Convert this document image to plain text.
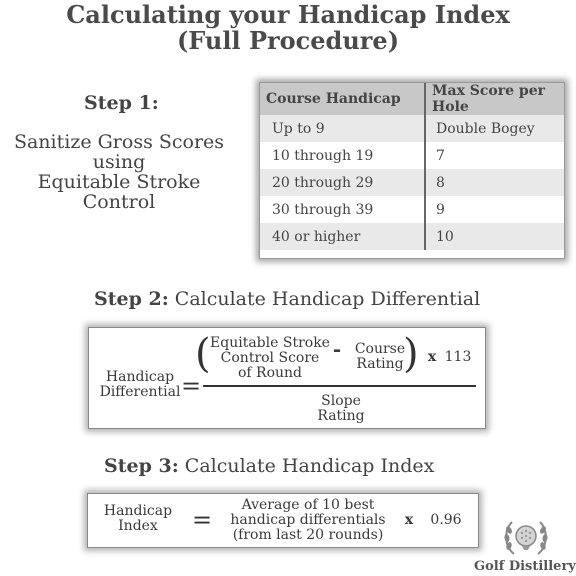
Calculating your Handicap Index
(Full Procedure)
Step 1:
Sanitize Gross Scores
using
Equitable Stroke
Control
Course Handicap	Max Score per Hole
Up to 9	Double Bogey
10 through 19	7
20 through 29	8
30 through 39	9
40 or higher	10
Step 2: Calculate Handicap Differential
Handicap
Differential =
( Equitable Stroke
Control Score
of Round
- Course
Rating ) x 113
Slope
Rating
Step 3: Calculate Handicap Index
Handicap
Index	=
Average of 10 best
handicap differentials
(from last 20 rounds)
x	0.96
Golf Distillery
